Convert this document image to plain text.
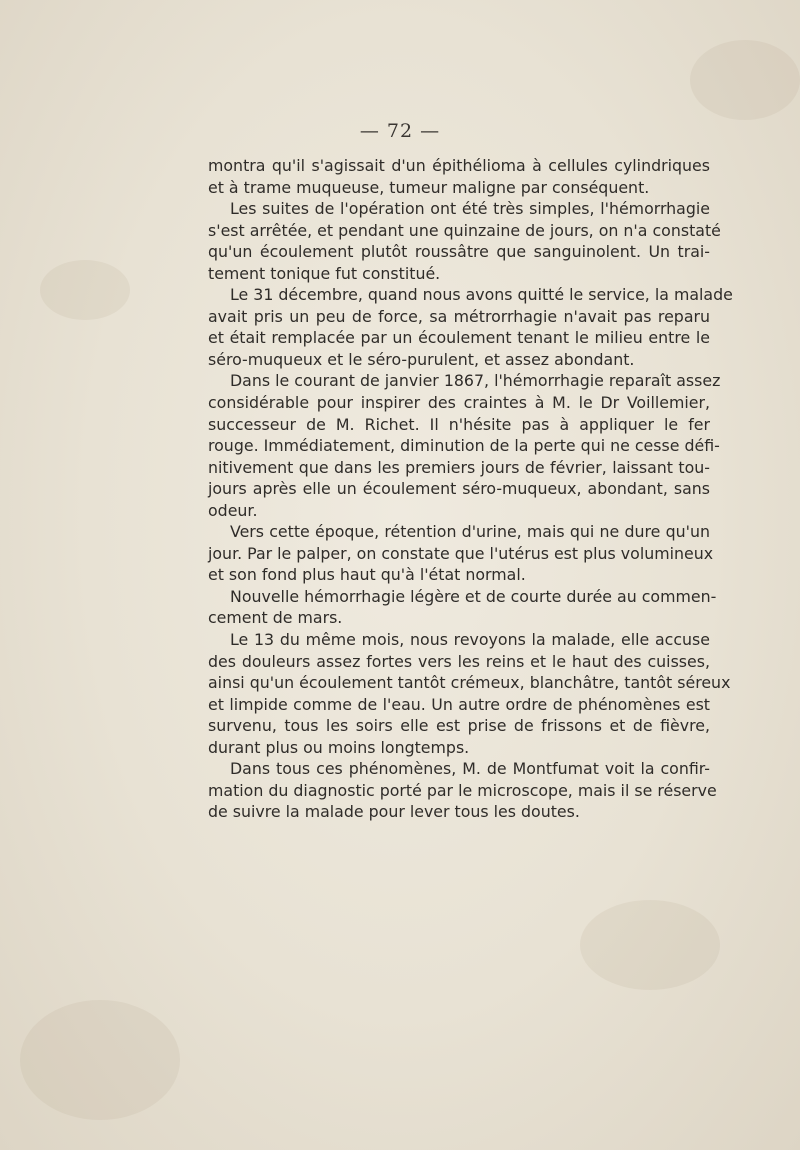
— 72 —
montra qu'il s'agissait d'un épithélioma à cellules cylindriques
et à trame muqueuse, tumeur maligne par conséquent.
Les suites de l'opération ont été très simples, l'hémorrhagie
s'est arrêtée, et pendant une quinzaine de jours, on n'a constaté
qu'un écoulement plutôt roussâtre que sanguinolent. Un trai-
tement tonique fut constitué.
Le 31 décembre, quand nous avons quitté le service, la malade
avait pris un peu de force, sa métrorrhagie n'avait pas reparu
et était remplacée par un écoulement tenant le milieu entre le
séro-muqueux et le séro-purulent, et assez abondant.
Dans le courant de janvier 1867, l'hémorrhagie reparaît assez
considérable pour inspirer des craintes à M. le Dr Voillemier,
successeur de M. Richet. Il n'hésite pas à appliquer le fer
rouge. Immédiatement, diminution de la perte qui ne cesse défi-
nitivement que dans les premiers jours de février, laissant tou-
jours après elle un écoulement séro-muqueux, abondant, sans
odeur.
Vers cette époque, rétention d'urine, mais qui ne dure qu'un
jour. Par le palper, on constate que l'utérus est plus volumineux
et son fond plus haut qu'à l'état normal.
Nouvelle hémorrhagie légère et de courte durée au commen-
cement de mars.
Le 13 du même mois, nous revoyons la malade, elle accuse
des douleurs assez fortes vers les reins et le haut des cuisses,
ainsi qu'un écoulement tantôt crémeux, blanchâtre, tantôt séreux
et limpide comme de l'eau. Un autre ordre de phénomènes est
survenu, tous les soirs elle est prise de frissons et de fièvre,
durant plus ou moins longtemps.
Dans tous ces phénomènes, M. de Montfumat voit la confir-
mation du diagnostic porté par le microscope, mais il se réserve
de suivre la malade pour lever tous les doutes.
